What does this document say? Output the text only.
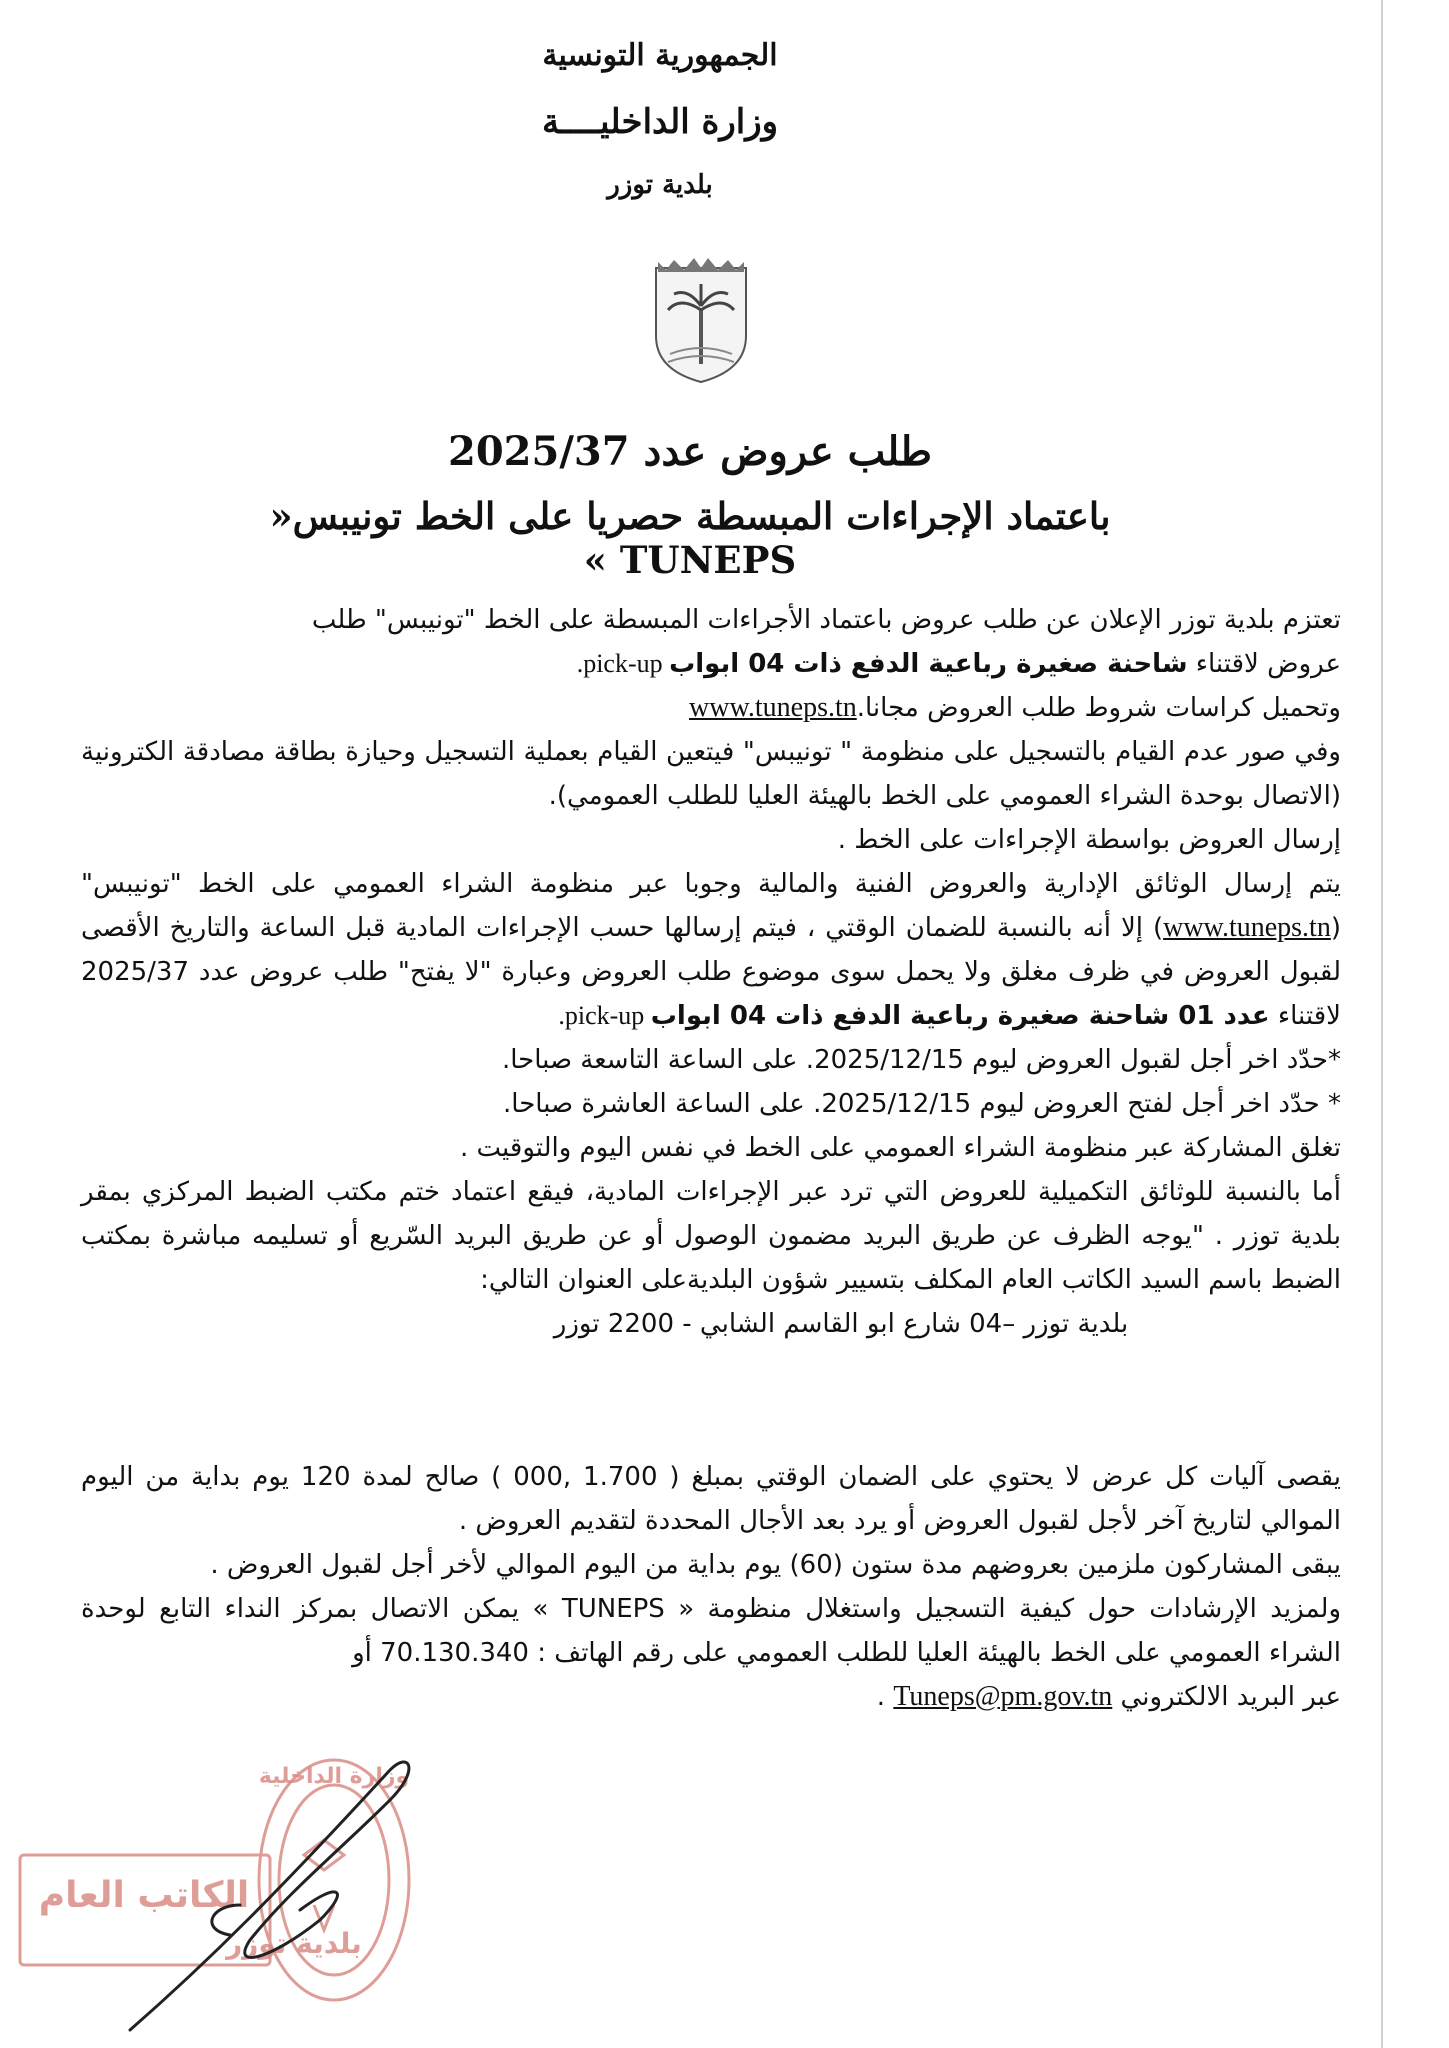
الجمهورية التونسية
وزارة الداخليــــة
بلدية توزر
طلب عروض عدد 2025/37
باعتماد الإجراءات المبسطة حصريا على الخط تونيبس« TUNEPS »

تعتزم بلدية توزر الإعلان عن طلب عروض باعتماد الأجراءات المبسطة على الخط "تونيبس" طلب

عروض لاقتناء شاحنة صغيرة رباعية الدفع ذات 04 ابواب pick-up.

وتحميل كراسات شروط طلب العروض مجانا.www.tuneps.tn

وفي صور عدم القيام بالتسجيل على منظومة " تونيبس" فيتعين القيام بعملية التسجيل وحيازة بطاقة مصادقة الكترونية (الاتصال بوحدة الشراء العمومي على الخط بالهيئة العليا للطلب العمومي).

إرسال العروض بواسطة الإجراءات على الخط .

يتم إرسال الوثائق الإدارية والعروض الفنية والمالية وجوبا عبر منظومة الشراء العمومي على الخط "تونيبس" (www.tuneps.tn) إلا أنه بالنسبة للضمان الوقتي ، فيتم إرسالها حسب الإجراءات المادية قبل الساعة والتاريخ الأقصى لقبول العروض في ظرف مغلق ولا يحمل سوى موضوع طلب العروض وعبارة "لا يفتح" طلب عروض عدد 2025/37 لاقتناء عدد 01 شاحنة صغيرة رباعية الدفع ذات 04 ابواب pick-up.

*حدّد اخر أجل لقبول العروض ليوم 2025/12/15. على الساعة التاسعة صباحا.

* حدّد اخر أجل لفتح العروض ليوم 2025/12/15. على الساعة العاشرة صباحا.

تغلق المشاركة عبر منظومة الشراء العمومي على الخط في نفس اليوم والتوقيت .

أما بالنسبة للوثائق التكميلية للعروض التي ترد عبر الإجراءات المادية، فيقع اعتماد ختم مكتب الضبط المركزي بمقر بلدية توزر . "يوجه الظرف عن طريق البريد مضمون الوصول أو عن طريق البريد السّريع أو تسليمه مباشرة بمكتب الضبط باسم السيد الكاتب العام المكلف بتسيير شؤون البلديةعلى العنوان التالي:

بلدية توزر –04 شارع ابو القاسم الشابي - 2200 توزر

يقصى آليات كل عرض لا يحتوي على الضمان الوقتي بمبلغ ( 1.700 ,000 ) صالح لمدة 120 يوم بداية من اليوم الموالي لتاريخ آخر لأجل لقبول العروض أو يرد بعد الأجال المحددة لتقديم العروض .

يبقى المشاركون ملزمين بعروضهم مدة ستون (60) يوم بداية من اليوم الموالي لأخر أجل لقبول العروض .

ولمزيد الإرشادات حول كيفية التسجيل واستغلال منظومة « TUNEPS » يمكن الاتصال بمركز النداء التابع لوحدة الشراء العمومي على الخط بالهيئة العليا للطلب العمومي على رقم الهاتف : 70.130.340 أو

عبر البريد الالكتروني Tuneps@pm.gov.tn .

وزارة الداخلية
الكاتب العام
بلدية توزر
